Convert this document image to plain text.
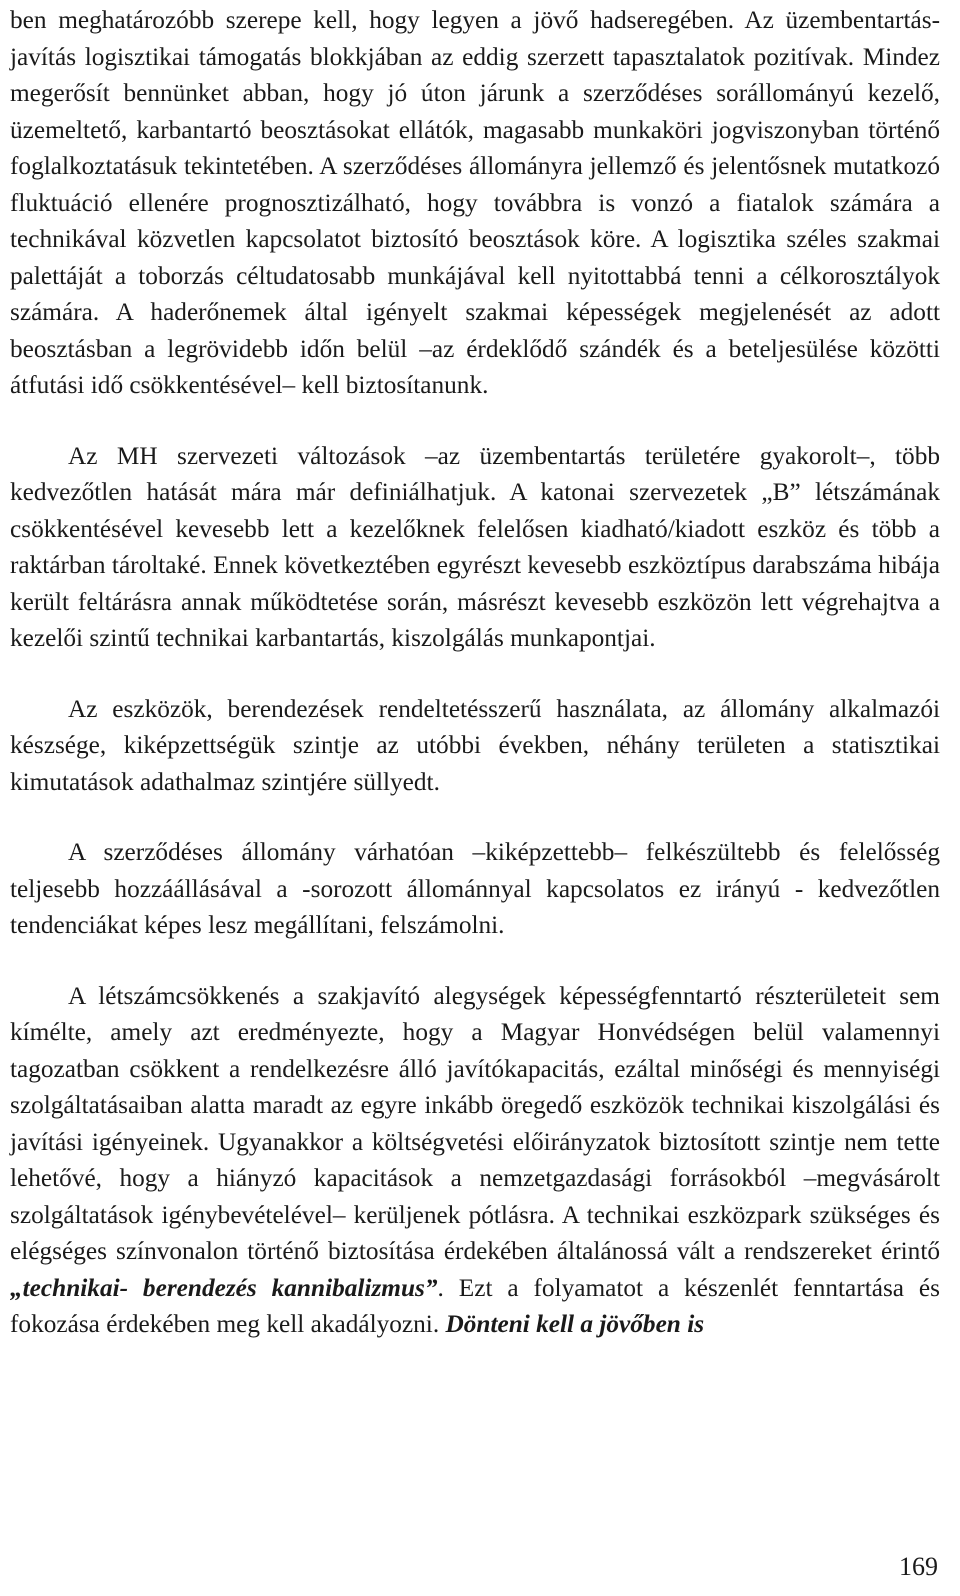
ben meghatározóbb szerepe kell, hogy legyen a jövő hadseregében. Az üzembentartás-javítás logisztikai támogatás blokkjában az eddig szerzett tapasztalatok pozitívak. Mindez megerősít bennünket abban, hogy jó úton járunk a szerződéses sorállományú kezelő, üzemeltető, karbantartó beosztásokat ellátók, magasabb munkaköri jogviszonyban történő foglalkoztatásuk tekintetében. A szerződéses állományra jellemző és jelentősnek mutatkozó fluktuáció ellenére prognosztizálható, hogy továbbra is vonzó a fiatalok számára a technikával közvetlen kapcsolatot biztosító beosztások köre. A logisztika széles szakmai palettáját a toborzás céltudatosabb munkájával kell nyitottabbá tenni a célkorosztályok számára. A haderőnemek által igényelt szakmai képességek megjelenését az adott beosztásban a legrövidebb időn belül –az érdeklődő szándék és a beteljesülése közötti átfutási idő csökkentésével– kell biztosítanunk.

Az MH szervezeti változások –az üzembentartás területére gyakorolt–, több kedvezőtlen hatását mára már definiálhatjuk. A katonai szervezetek „B” létszámának csökkentésével kevesebb lett a kezelőknek felelősen kiadható/kiadott eszköz és több a raktárban tároltaké. Ennek következtében egyrészt kevesebb eszköztípus darabszáma hibája került feltárásra annak működtetése során, másrészt kevesebb eszközön lett végrehajtva a kezelői szintű technikai karbantartás, kiszolgálás munkapontjai.

Az eszközök, berendezések rendeltetésszerű használata, az állomány alkalmazói készsége, kiképzettségük szintje az utóbbi években, néhány területen a statisztikai kimutatások adathalmaz szintjére süllyedt.

A szerződéses állomány várhatóan –kiképzettebb– felkészültebb és felelősség teljesebb hozzáállásával a -sorozott állománnyal kapcsolatos ez irányú - kedvezőtlen tendenciákat képes lesz megállítani, felszámolni.

A létszámcsökkenés a szakjavító alegységek képességfenntartó részterületeit sem kímélte, amely azt eredményezte, hogy a Magyar Honvédségen belül valamennyi tagozatban csökkent a rendelkezésre álló javítókapacitás, ezáltal minőségi és mennyiségi szolgáltatásaiban alatta maradt az egyre inkább öregedő eszközök technikai kiszolgálási és javítási igényeinek. Ugyanakkor a költségvetési előirányzatok biztosított szintje nem tette lehetővé, hogy a hiányzó kapacitások a nemzetgazdasági forrásokból –megvásárolt szolgáltatások igénybevételével– kerüljenek pótlásra. A technikai eszközpark szükséges és elégséges színvonalon történő biztosítása érdekében általánossá vált a rendszereket érintő „technikai- berendezés kannibalizmus”. Ezt a folyamatot a készenlét fenntartása és fokozása érdekében meg kell akadályozni. Dönteni kell a jövőben is

169
